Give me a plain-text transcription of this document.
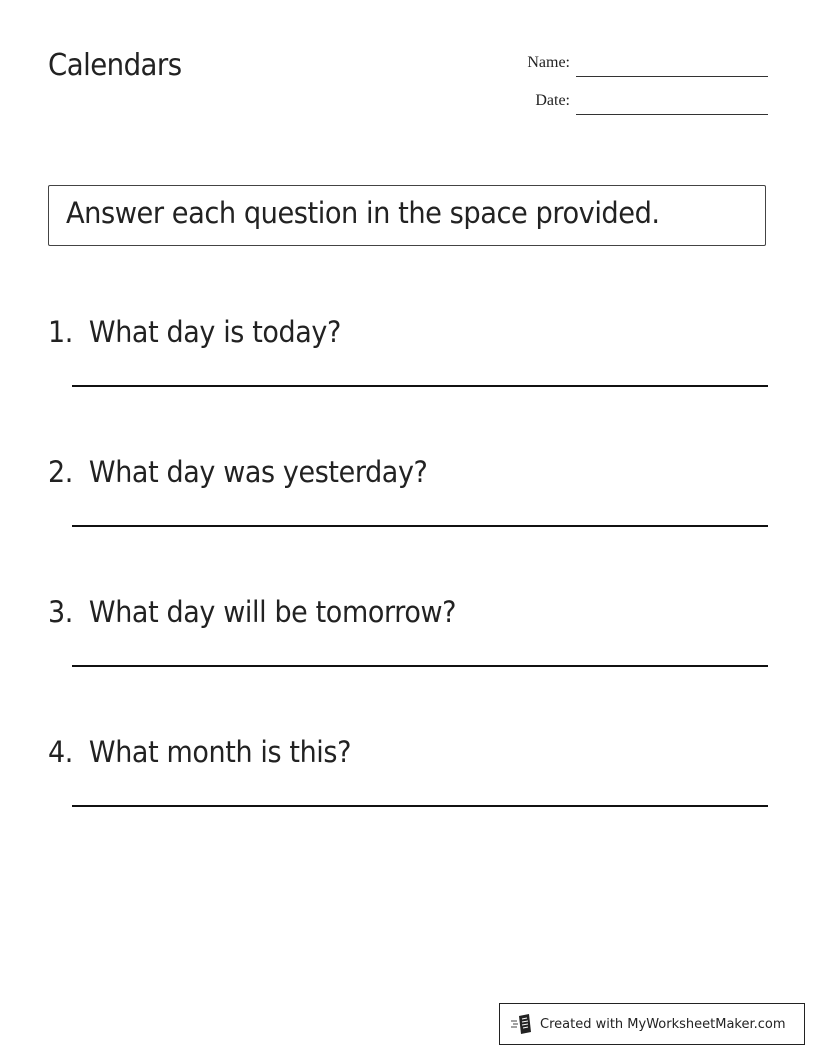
Calendars	Name:
Date:
Answer each question in the space provided.
1. What day is today?
2. What day was yesterday?
3. What day will be tomorrow?
4. What month is this?
Created with MyWorksheetMaker.com
